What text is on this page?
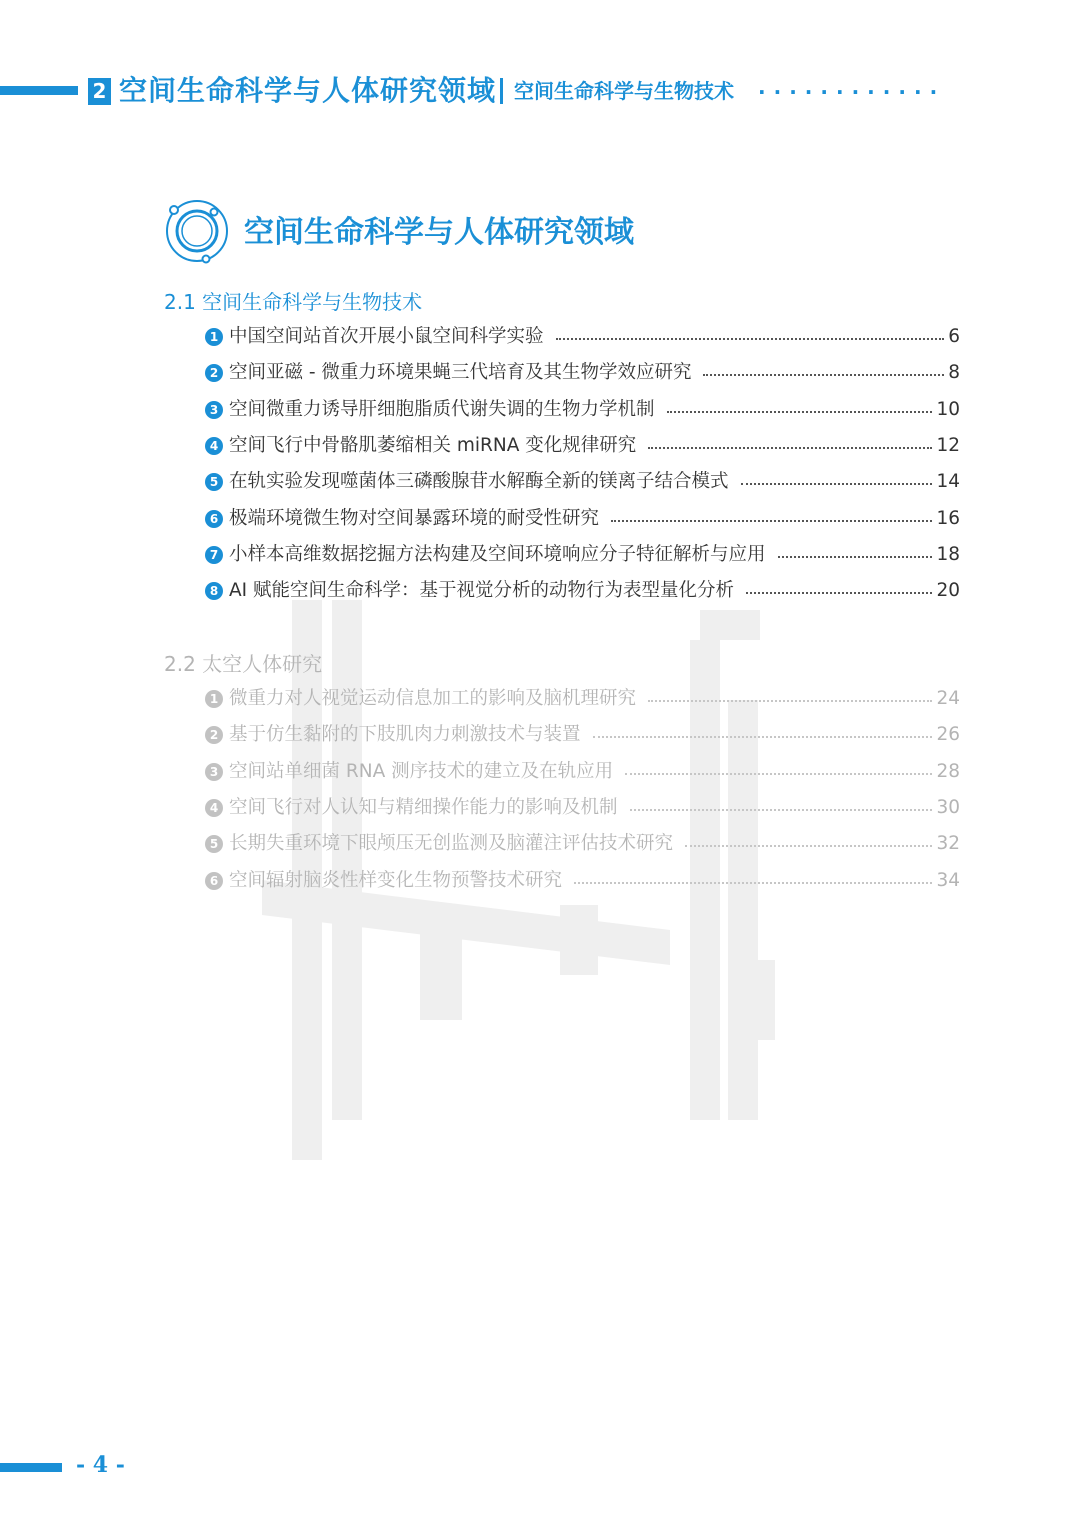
2 空间生命科学与人体研究领域 空间生命科学与生物技术 ············
空间生命科学与人体研究领域
2.1 空间生命科学与生物技术
1 中国空间站首次开展小鼠空间科学实验	6
2 空间亚磁 - 微重力环境果蝇三代培育及其生物学效应研究	8
3 空间微重力诱导肝细胞脂质代谢失调的生物力学机制	10
4 空间飞行中骨骼肌萎缩相关 miRNA 变化规律研究	12
5 在轨实验发现噬菌体三磷酸腺苷水解酶全新的镁离子结合模式	14
6 极端环境微生物对空间暴露环境的耐受性研究	16
7 小样本高维数据挖掘方法构建及空间环境响应分子特征解析与应用	18
8 AI 赋能空间生命科学：基于视觉分析的动物行为表型量化分析	20
2.2 太空人体研究
1 微重力对人视觉运动信息加工的影响及脑机理研究	24
2 基于仿生黏附的下肢肌肉力刺激技术与装置	26
3 空间站单细菌 RNA 测序技术的建立及在轨应用	28
4 空间飞行对人认知与精细操作能力的影响及机制	30
5 长期失重环境下眼颅压无创监测及脑灌注评估技术研究	32
6 空间辐射脑炎性样变化生物预警技术研究	34
- 4 -
